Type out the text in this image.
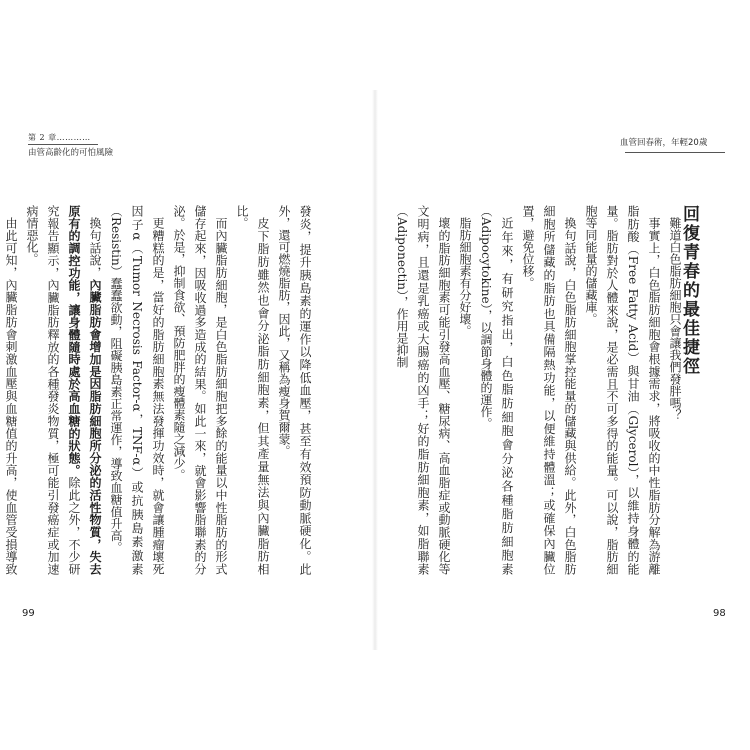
第 2 章…………
由管高齡化的可怕風險

發炎，提升胰島素的運作以降低血壓，甚至有效預防動脈硬化。此外，還可燃燒脂肪，因此，又稱為瘦身賀爾蒙。

皮下脂肪雖然也會分泌脂肪細胞素，但其產量無法與內臟脂肪相比。

而內臟脂肪細胞，是白色脂肪細胞把多餘的能量以中性脂肪的形式儲存起來，因吸收過多造成的結果。如此一來，就會影響脂聯素的分泌。於是，抑制食欲、預防肥胖的瘦體素隨之減少。

更糟糕的是，當好的脂肪細胞素無法發揮功效時，就會讓腫瘤壞死因子α（Tumor Necrosis Factor-α，TNF-α）或抗胰島素激素（Resistin）蠢蠢欲動，阻礙胰島素正常運作，導致血糖值升高。

換句話說，內臟脂肪會增加是因脂肪細胞所分泌的活性物質，失去原有的調控功能，讓身體隨時處於高血糖的狀態。除此之外，不少研究報告顯示，內臟脂肪釋放的各種發炎物質，極可能引發癌症或加速病情惡化。

由此可知，內臟脂肪會刺激血壓與血糖值的升高，使血管受損導致

99
血管回春術，年輕20歲
回復青春的最佳捷徑

難道白色脂肪細胞只會讓我們發胖嗎？

事實上，白色脂肪細胞會根據需求，將吸收的中性脂肪分解為游離脂肪酸（Free Fatty Acid）與甘油（Glycerol），以維持身體的能量。脂肪對於人體來說，是必需且不可多得的能量。可以說，脂肪細胞等同能量的儲藏庫。

換句話說，白色脂肪細胞掌控能量的儲藏與供給。此外，白色脂肪細胞所儲藏的脂肪也具備隔熱功能，以便維持體溫；或確保內臟位置，避免位移。

近年來，有研究指出，白色脂肪細胞會分泌各種脂肪細胞素（Adipocytokine），以調節身體的運作。

脂肪細胞素有分好壞。

壞的脂肪細胞素可能引發高血壓、糖尿病、高血脂症或動脈硬化等文明病，且還是乳癌或大腸癌的凶手；好的脂肪細胞素，如脂聯素（Adiponectin），作用是抑制

98
